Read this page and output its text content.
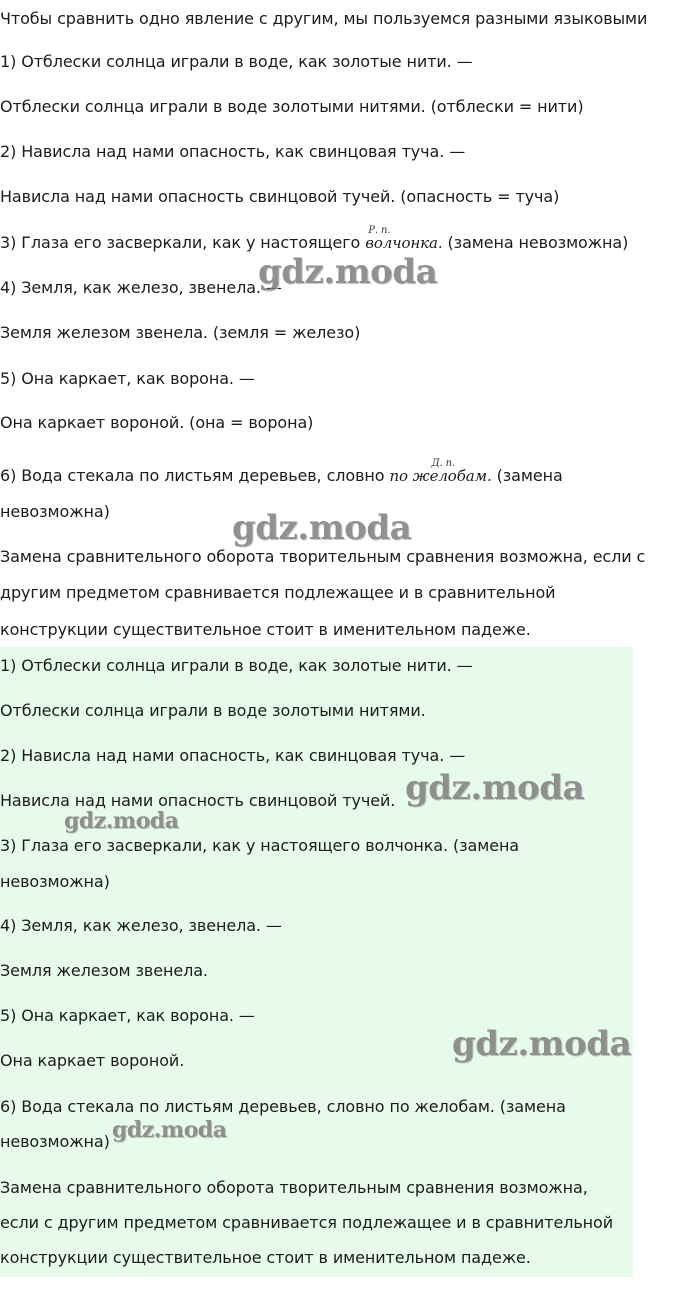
Чтобы сравнить одно явление с другим, мы пользуемся разными языковыми

1) Отблески солнца играли в воде, как золотые нити. —

Отблески солнца играли в воде золотыми нитями. (отблески = нити)

2) Нависла над нами опасность, как свинцовая туча. —

Нависла над нами опасность свинцовой тучей. (опасность = туча)

3) Глаза его засверкали, как у настоящего
Р. п.
волчонка. (замена невозможна)

4) Земля, как железо, звенела. —

Земля железом звенела. (земля = железо)

5) Она каркает, как ворона. —

Она каркает вороной. (она = ворона)

6) Вода стекала по листьям деревьев, словно
Д. п.
по желобам. (замена

невозможна)

Замена сравнительного оборота творительным сравнения возможна, если с

другим предметом сравнивается подлежащее и в сравнительной

конструкции существительное стоит в именительном падеже.

1) Отблески солнца играли в воде, как золотые нити. —

Отблески солнца играли в воде золотыми нитями.

2) Нависла над нами опасность, как свинцовая туча. —

Нависла над нами опасность свинцовой тучей.

3) Глаза его засверкали, как у настоящего волчонка. (замена

невозможна)

4) Земля, как железо, звенела. —

Земля железом звенела.

5) Она каркает, как ворона. —

Она каркает вороной.

6) Вода стекала по листьям деревьев, словно по желобам. (замена

невозможна)

Замена сравнительного оборота творительным сравнения возможна,

если с другим предметом сравнивается подлежащее и в сравнительной

конструкции существительное стоит в именительном падеже.

gdz.moda
gdz.moda
gdz.moda
gdz.moda
gdz.moda
gdz.moda
